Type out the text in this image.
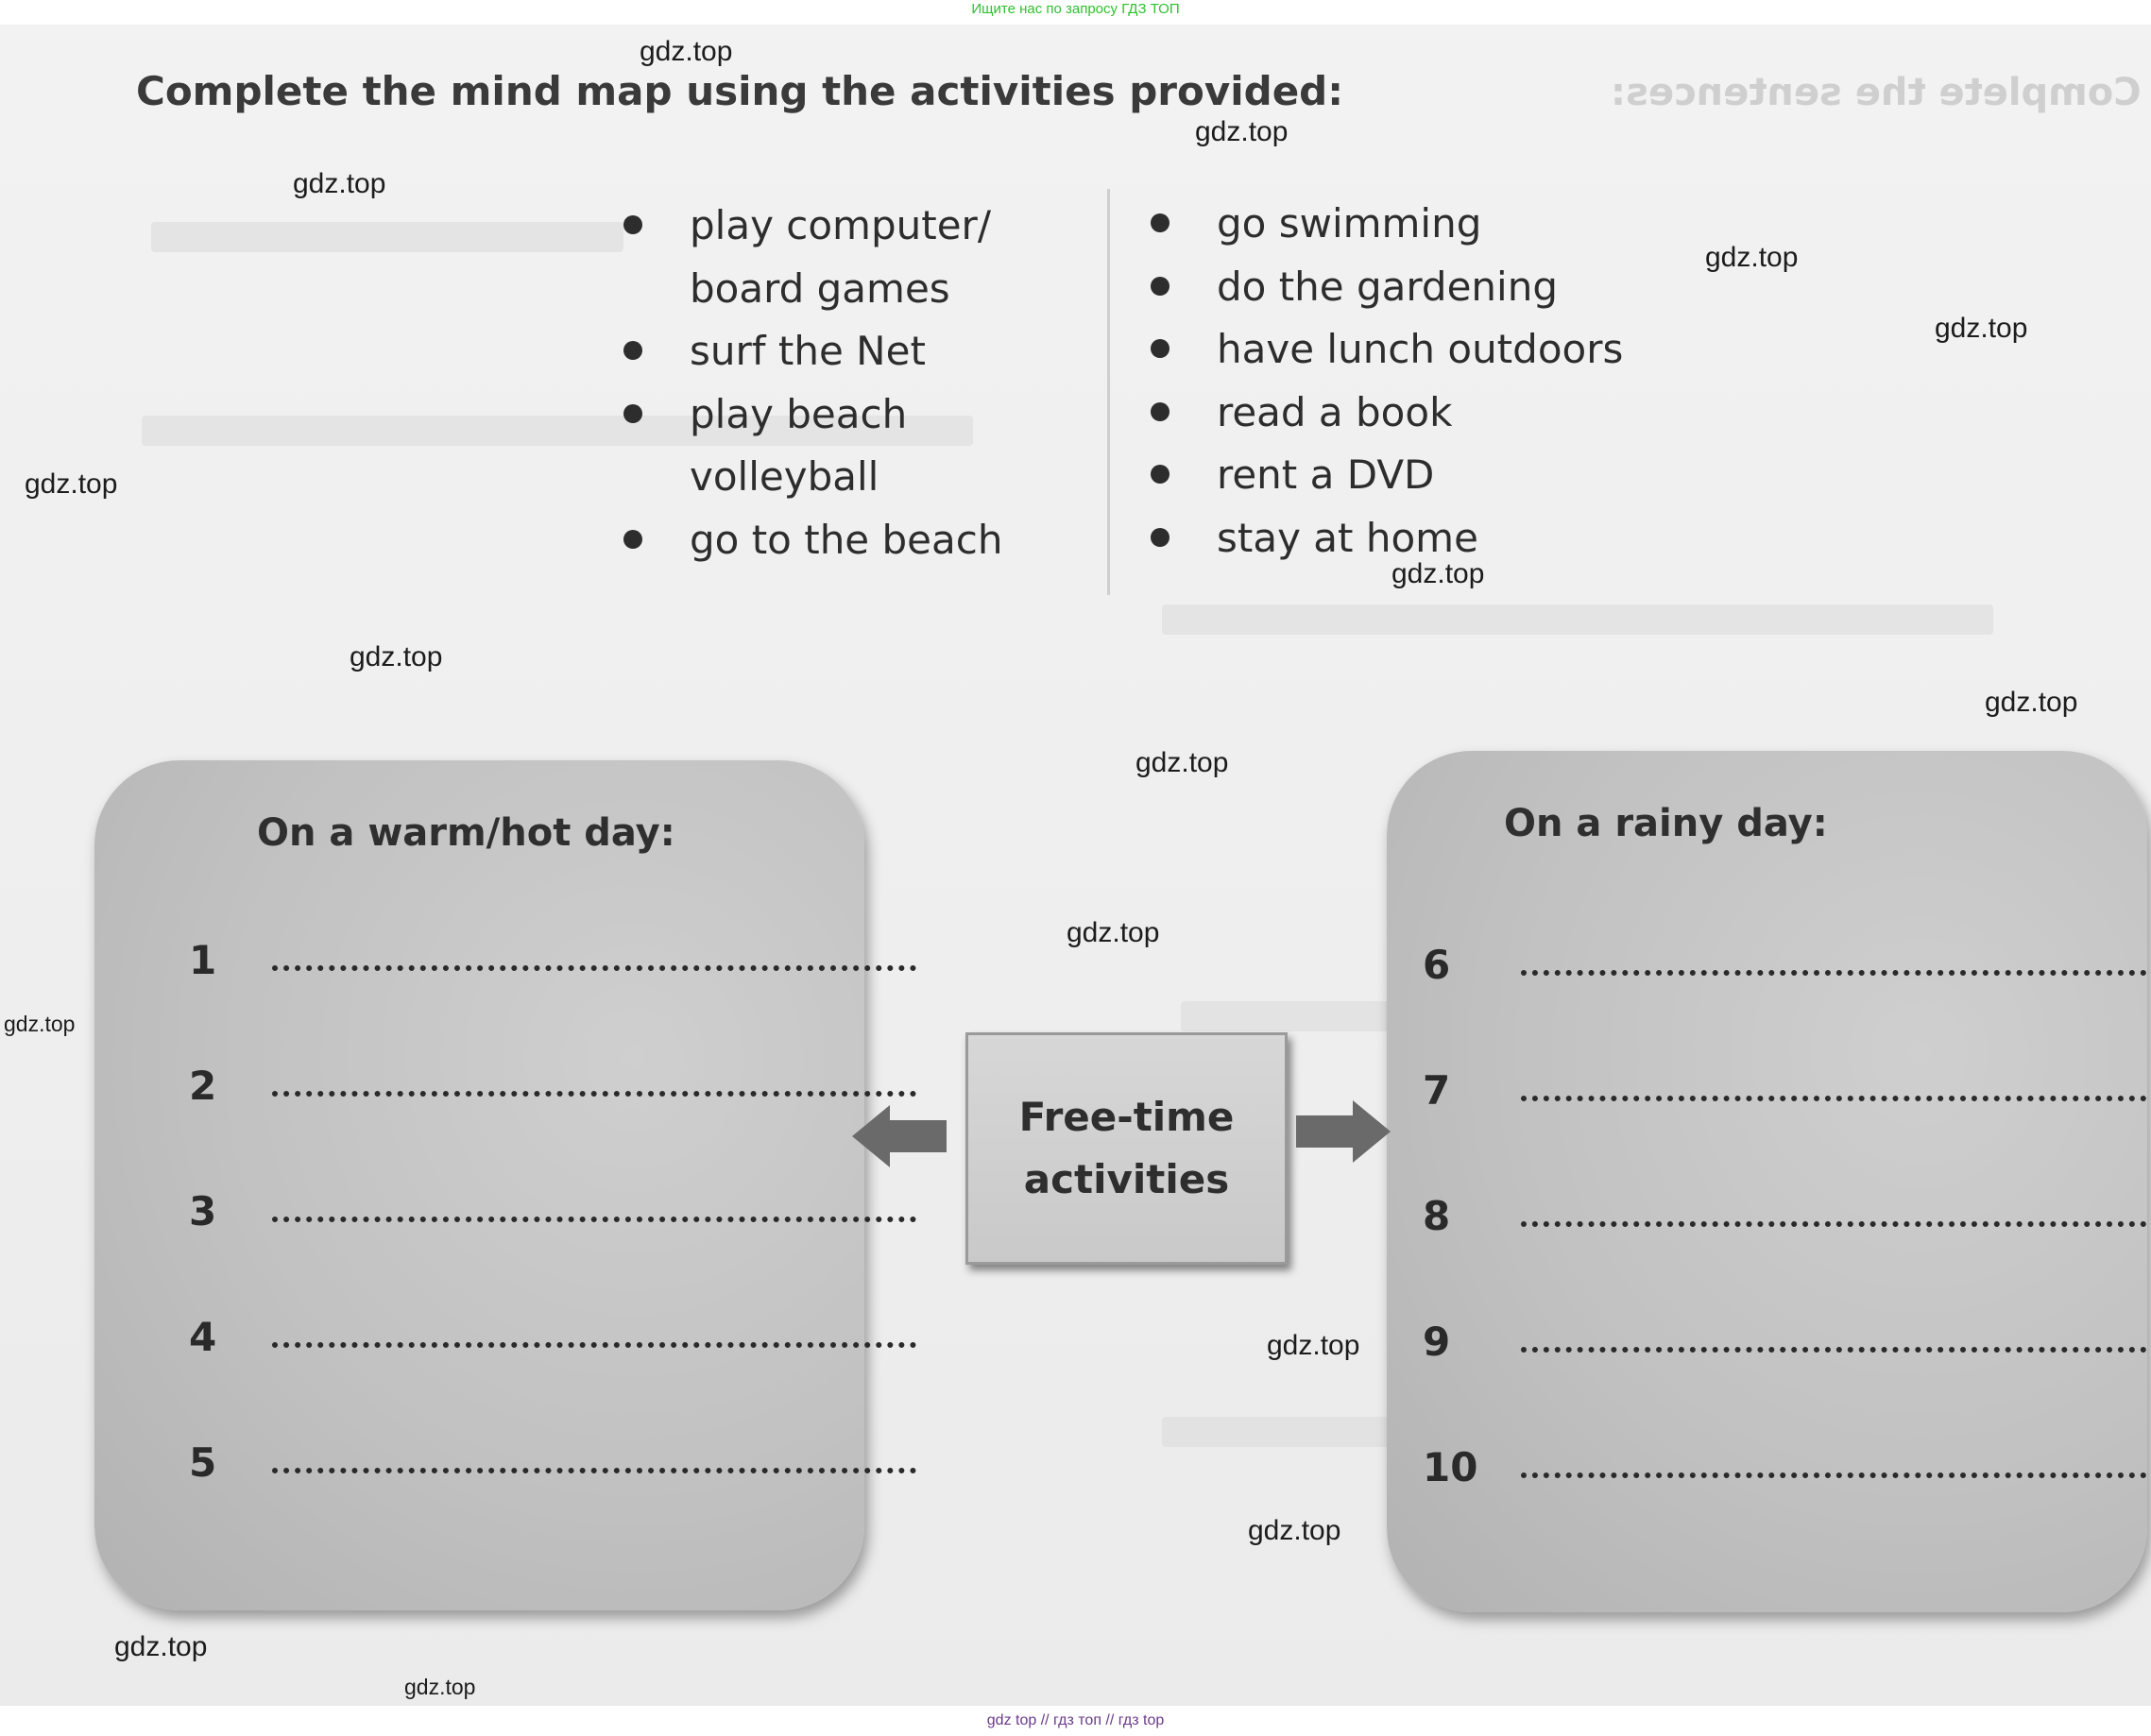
Ищите нас по запросу ГДЗ ТОП
Complete the sentences:
Complete the mind map using the activities provided:
play computer/
board games
surf the Net
play beach
volleyball
go to the beach
go swimming
do the gardening
have lunch outdoors
read a book
rent a DVD
stay at home
On a warm/hot day:
1
2
3
4
5
On a rainy day:
6
7
8
9
10
Free-time
activities
gdz.top
gdz.top
gdz.top
gdz.top
gdz.top
gdz.top
gdz.top
gdz.top
gdz.top
gdz.top
gdz.top
gdz.top
gdz.top
gdz.top
gdz.top
gdz.top
gdz top // гдз топ // гдз top
